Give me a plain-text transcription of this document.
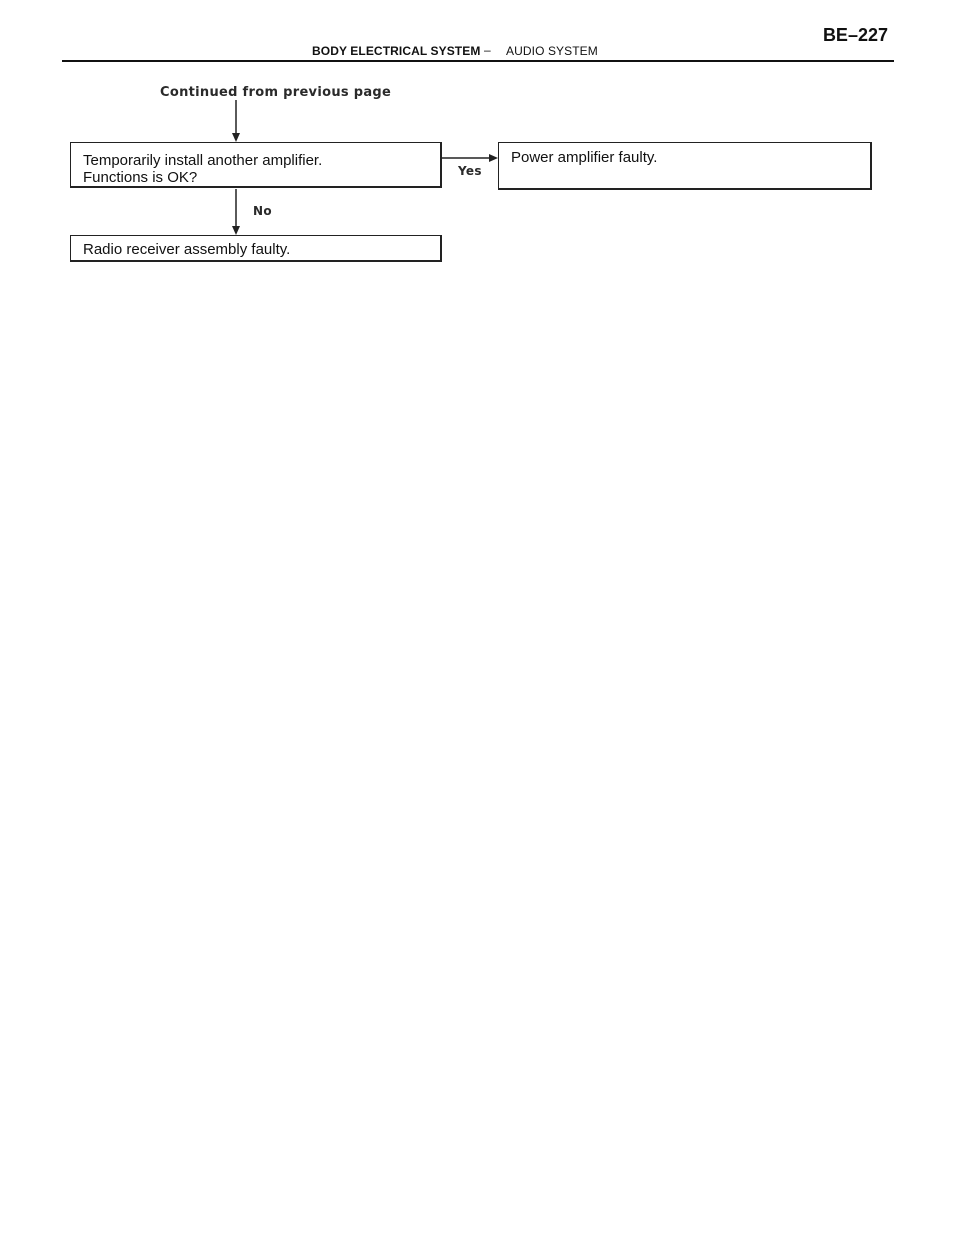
BODY ELECTRICAL SYSTEM – AUDIO SYSTEM
BE–227
Continued from previous page
Temporarily install another amplifier.
Functions is OK?	Yes
Power amplifier faulty.
No
Radio receiver assembly faulty.
